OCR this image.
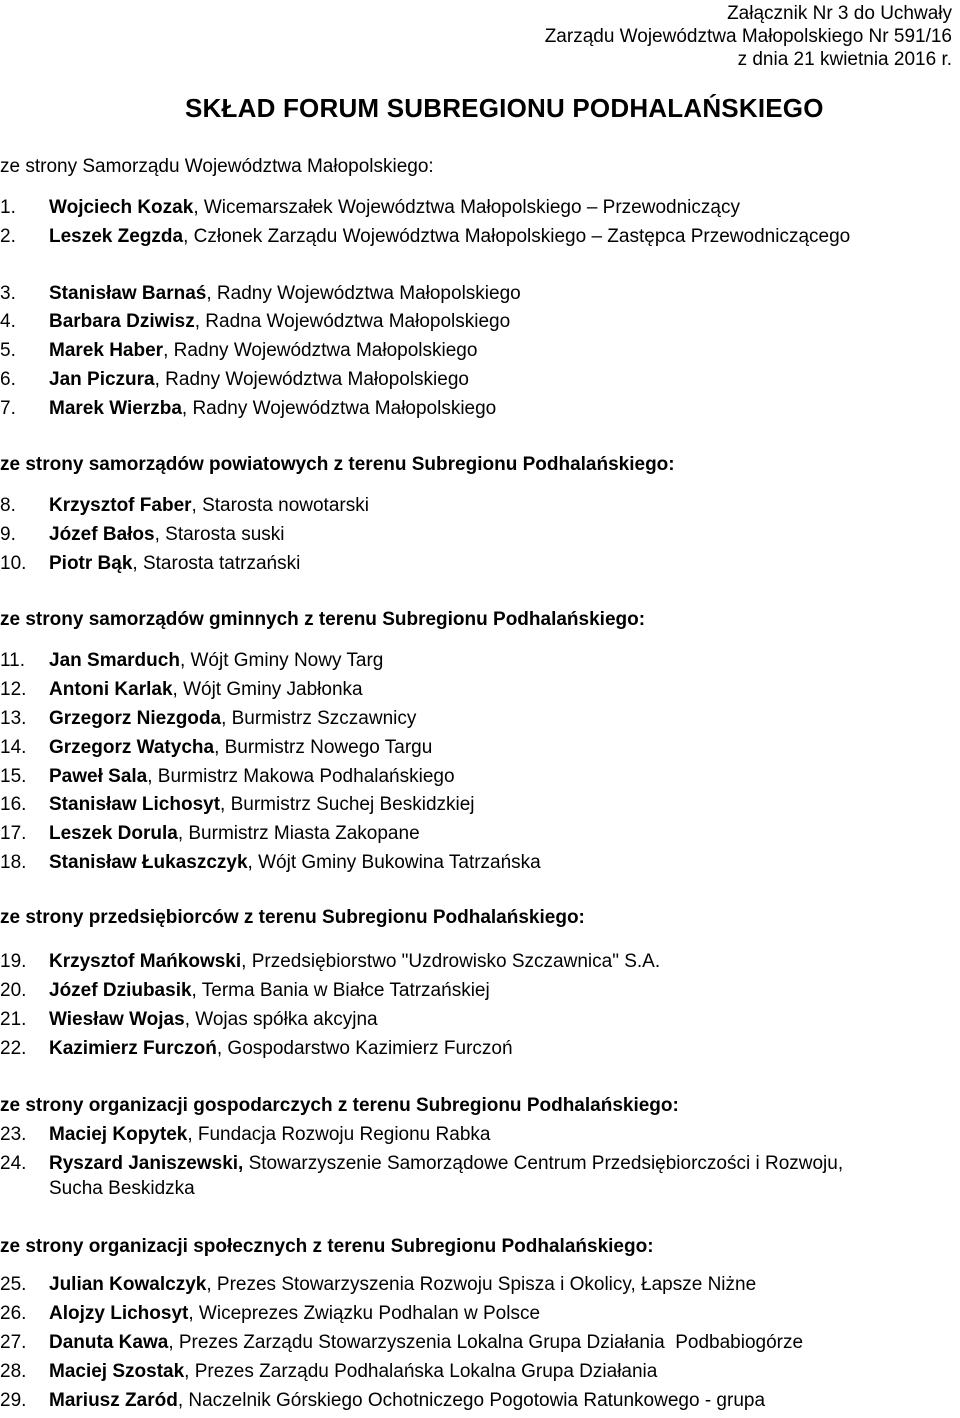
Załącznik Nr 3 do Uchwały
Zarządu Województwa Małopolskiego Nr 591/16
z dnia 21 kwietnia 2016 r.
SKŁAD FORUM SUBREGIONU PODHALAŃSKIEGO
ze strony Samorządu Województwa Małopolskiego:
1. Wojciech Kozak, Wicemarszałek Województwa Małopolskiego – Przewodniczący
2. Leszek Zegzda, Członek Zarządu Województwa Małopolskiego – Zastępca Przewodniczącego
3. Stanisław Barnaś, Radny Województwa Małopolskiego
4. Barbara Dziwisz, Radna Województwa Małopolskiego
5. Marek Haber, Radny Województwa Małopolskiego
6. Jan Piczura, Radny Województwa Małopolskiego
7. Marek Wierzba, Radny Województwa Małopolskiego
ze strony samorządów powiatowych z terenu Subregionu Podhalańskiego:
8. Krzysztof Faber, Starosta nowotarski
9. Józef Bałos, Starosta suski
10. Piotr Bąk, Starosta tatrzański
ze strony samorządów gminnych z terenu Subregionu Podhalańskiego:
11. Jan Smarduch, Wójt Gminy Nowy Targ
12. Antoni Karlak, Wójt Gminy Jabłonka
13. Grzegorz Niezgoda, Burmistrz Szczawnicy
14. Grzegorz Watycha, Burmistrz Nowego Targu
15. Paweł Sala, Burmistrz Makowa Podhalańskiego
16. Stanisław Lichosyt, Burmistrz Suchej Beskidzkiej
17. Leszek Dorula, Burmistrz Miasta Zakopane
18. Stanisław Łukaszczyk, Wójt Gminy Bukowina Tatrzańska
ze strony przedsiębiorców z terenu Subregionu Podhalańskiego:
19. Krzysztof Mańkowski, Przedsiębiorstwo "Uzdrowisko Szczawnica" S.A.
20. Józef Dziubasik, Terma Bania w Białce Tatrzańskiej
21. Wiesław Wojas, Wojas spółka akcyjna
22. Kazimierz Furczoń, Gospodarstwo Kazimierz Furczoń
ze strony organizacji gospodarczych z terenu Subregionu Podhalańskiego:
23. Maciej Kopytek, Fundacja Rozwoju Regionu Rabka
24. Ryszard Janiszewski, Stowarzyszenie Samorządowe Centrum Przedsiębiorczości i Rozwoju,
Sucha Beskidzka
ze strony organizacji społecznych z terenu Subregionu Podhalańskiego:
25. Julian Kowalczyk, Prezes Stowarzyszenia Rozwoju Spisza i Okolicy, Łapsze Niżne
26. Alojzy Lichosyt, Wiceprezes Związku Podhalan w Polsce
27. Danuta Kawa, Prezes Zarządu Stowarzyszenia Lokalna Grupa Działania  Podbabiogórze
28. Maciej Szostak, Prezes Zarządu Podhalańska Lokalna Grupa Działania
29. Mariusz Zaród, Naczelnik Górskiego Ochotniczego Pogotowia Ratunkowego - grupa
